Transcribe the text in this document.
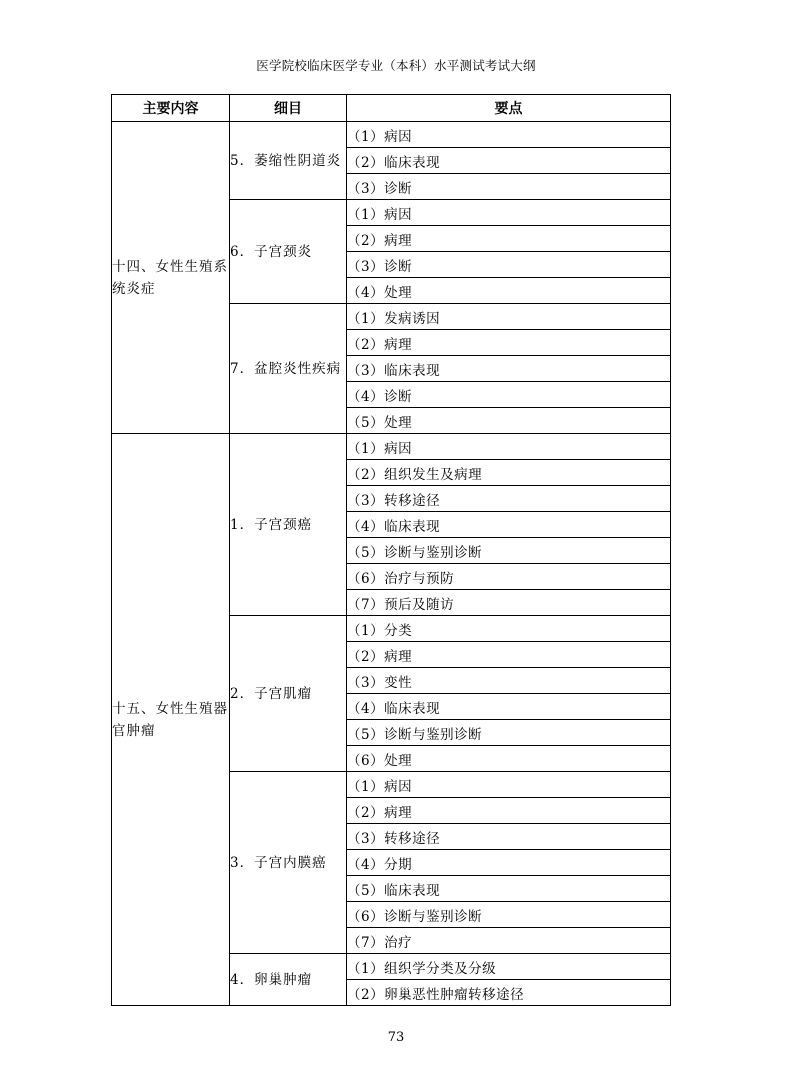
医学院校临床医学专业（本科）水平测试考试大纲
主要内容	细目	要点
十四、女性生殖系统炎症	5．萎缩性阴道炎	（1）病因
		（2）临床表现
		（3）诊断
	6．子宫颈炎	（1）病因
		（2）病理
		（3）诊断
		（4）处理
	7．盆腔炎性疾病	（1）发病诱因
		（2）病理
		（3）临床表现
		（4）诊断
		（5）处理
十五、女性生殖器官肿瘤	1．子宫颈癌	（1）病因
		（2）组织发生及病理
		（3）转移途径
		（4）临床表现
		（5）诊断与鉴别诊断
		（6）治疗与预防
		（7）预后及随访
	2．子宫肌瘤	（1）分类
		（2）病理
		（3）变性
		（4）临床表现
		（5）诊断与鉴别诊断
		（6）处理
	3．子宫内膜癌	（1）病因
		（2）病理
		（3）转移途径
		（4）分期
		（5）临床表现
		（6）诊断与鉴别诊断
		（7）治疗
	4．卵巢肿瘤	（1）组织学分类及分级
		（2）卵巢恶性肿瘤转移途径
73
